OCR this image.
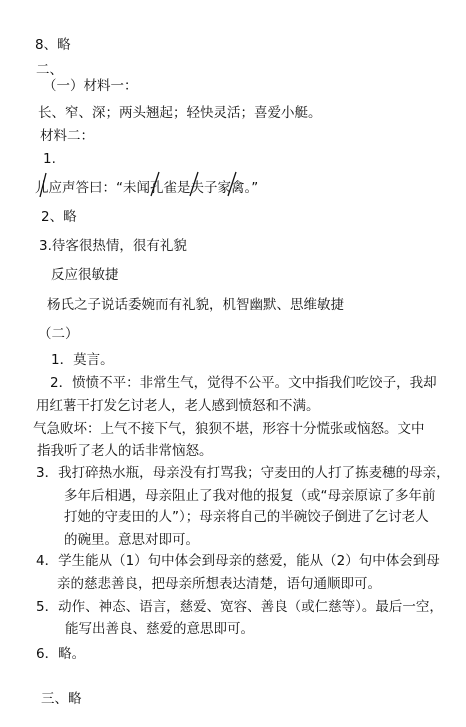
8、略
二、
（一）材料一：
长、窄、深；两头翘起；轻快灵活；喜爱小艇。
材料二：
1.
儿应声答曰：“未闻孔雀是夫子家禽。”
2、略
3.待客很热情，很有礼貌
反应很敏捷
杨氏之子说话委婉而有礼貌，机智幽默、思维敏捷
（二）
1．莫言。
2．愤愤不平：非常生气，觉得不公平。文中指我们吃饺子，我却
用红薯干打发乞讨老人，老人感到愤怒和不满。
气急败坏：上气不接下气，狼狈不堪，形容十分慌张或恼怒。文中
指我听了老人的话非常恼怒。
3．我打碎热水瓶，母亲没有打骂我；守麦田的人打了拣麦穗的母亲，
多年后相遇，母亲阻止了我对他的报复（或“母亲原谅了多年前
打她的守麦田的人”）；母亲将自己的半碗饺子倒进了乞讨老人
的碗里。意思对即可。
4．学生能从（1）句中体会到母亲的慈爱，能从（2）句中体会到母
亲的慈悲善良，把母亲所想表达清楚，语句通顺即可。
5．动作、神态、语言，慈爱、宽容、善良（或仁慈等）。最后一空，
能写出善良、慈爱的意思即可。
6．略。
三、略
